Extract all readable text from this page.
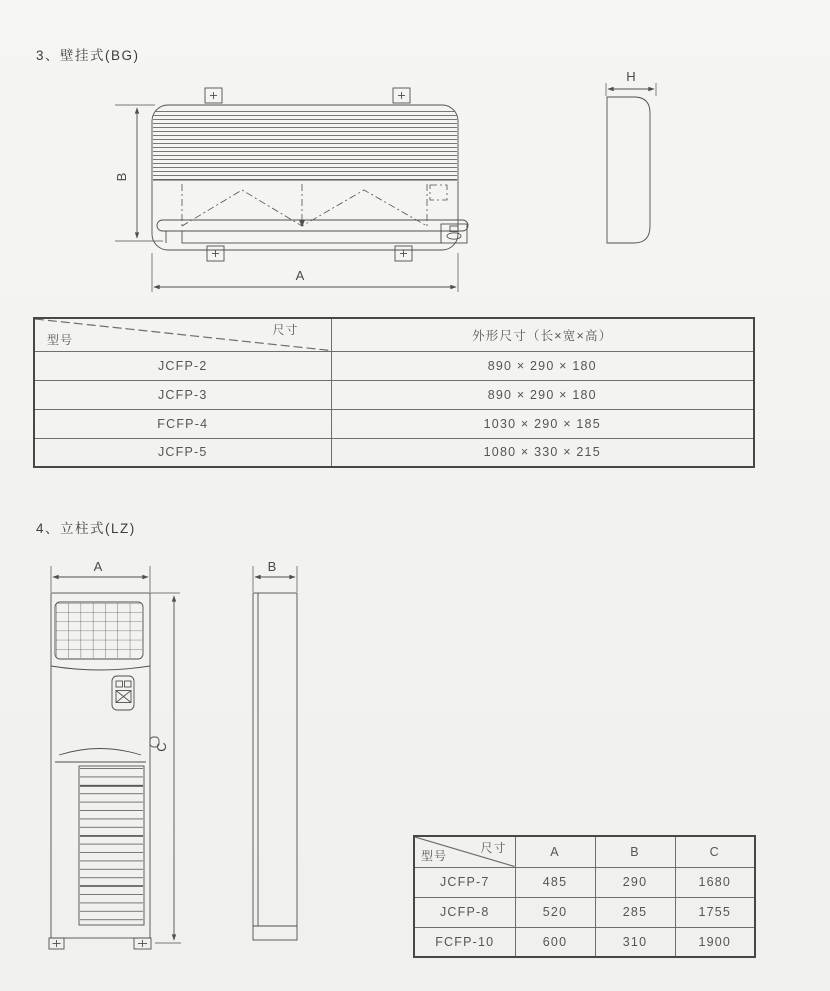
B
A
H
A
C
B
3、壁挂式(BG)
4、立柱式(LZ)
尺寸
型号	外形尺寸（长×宽×高）
JCFP-2	890 × 290 × 180
JCFP-3	890 × 290 × 180
FCFP-4	1030 × 290 × 185
JCFP-5	1080 × 330 × 215
尺寸
型号	A	B	C
JCFP-7	485	290	1680
JCFP-8	520	285	1755
FCFP-10	600	310	1900
